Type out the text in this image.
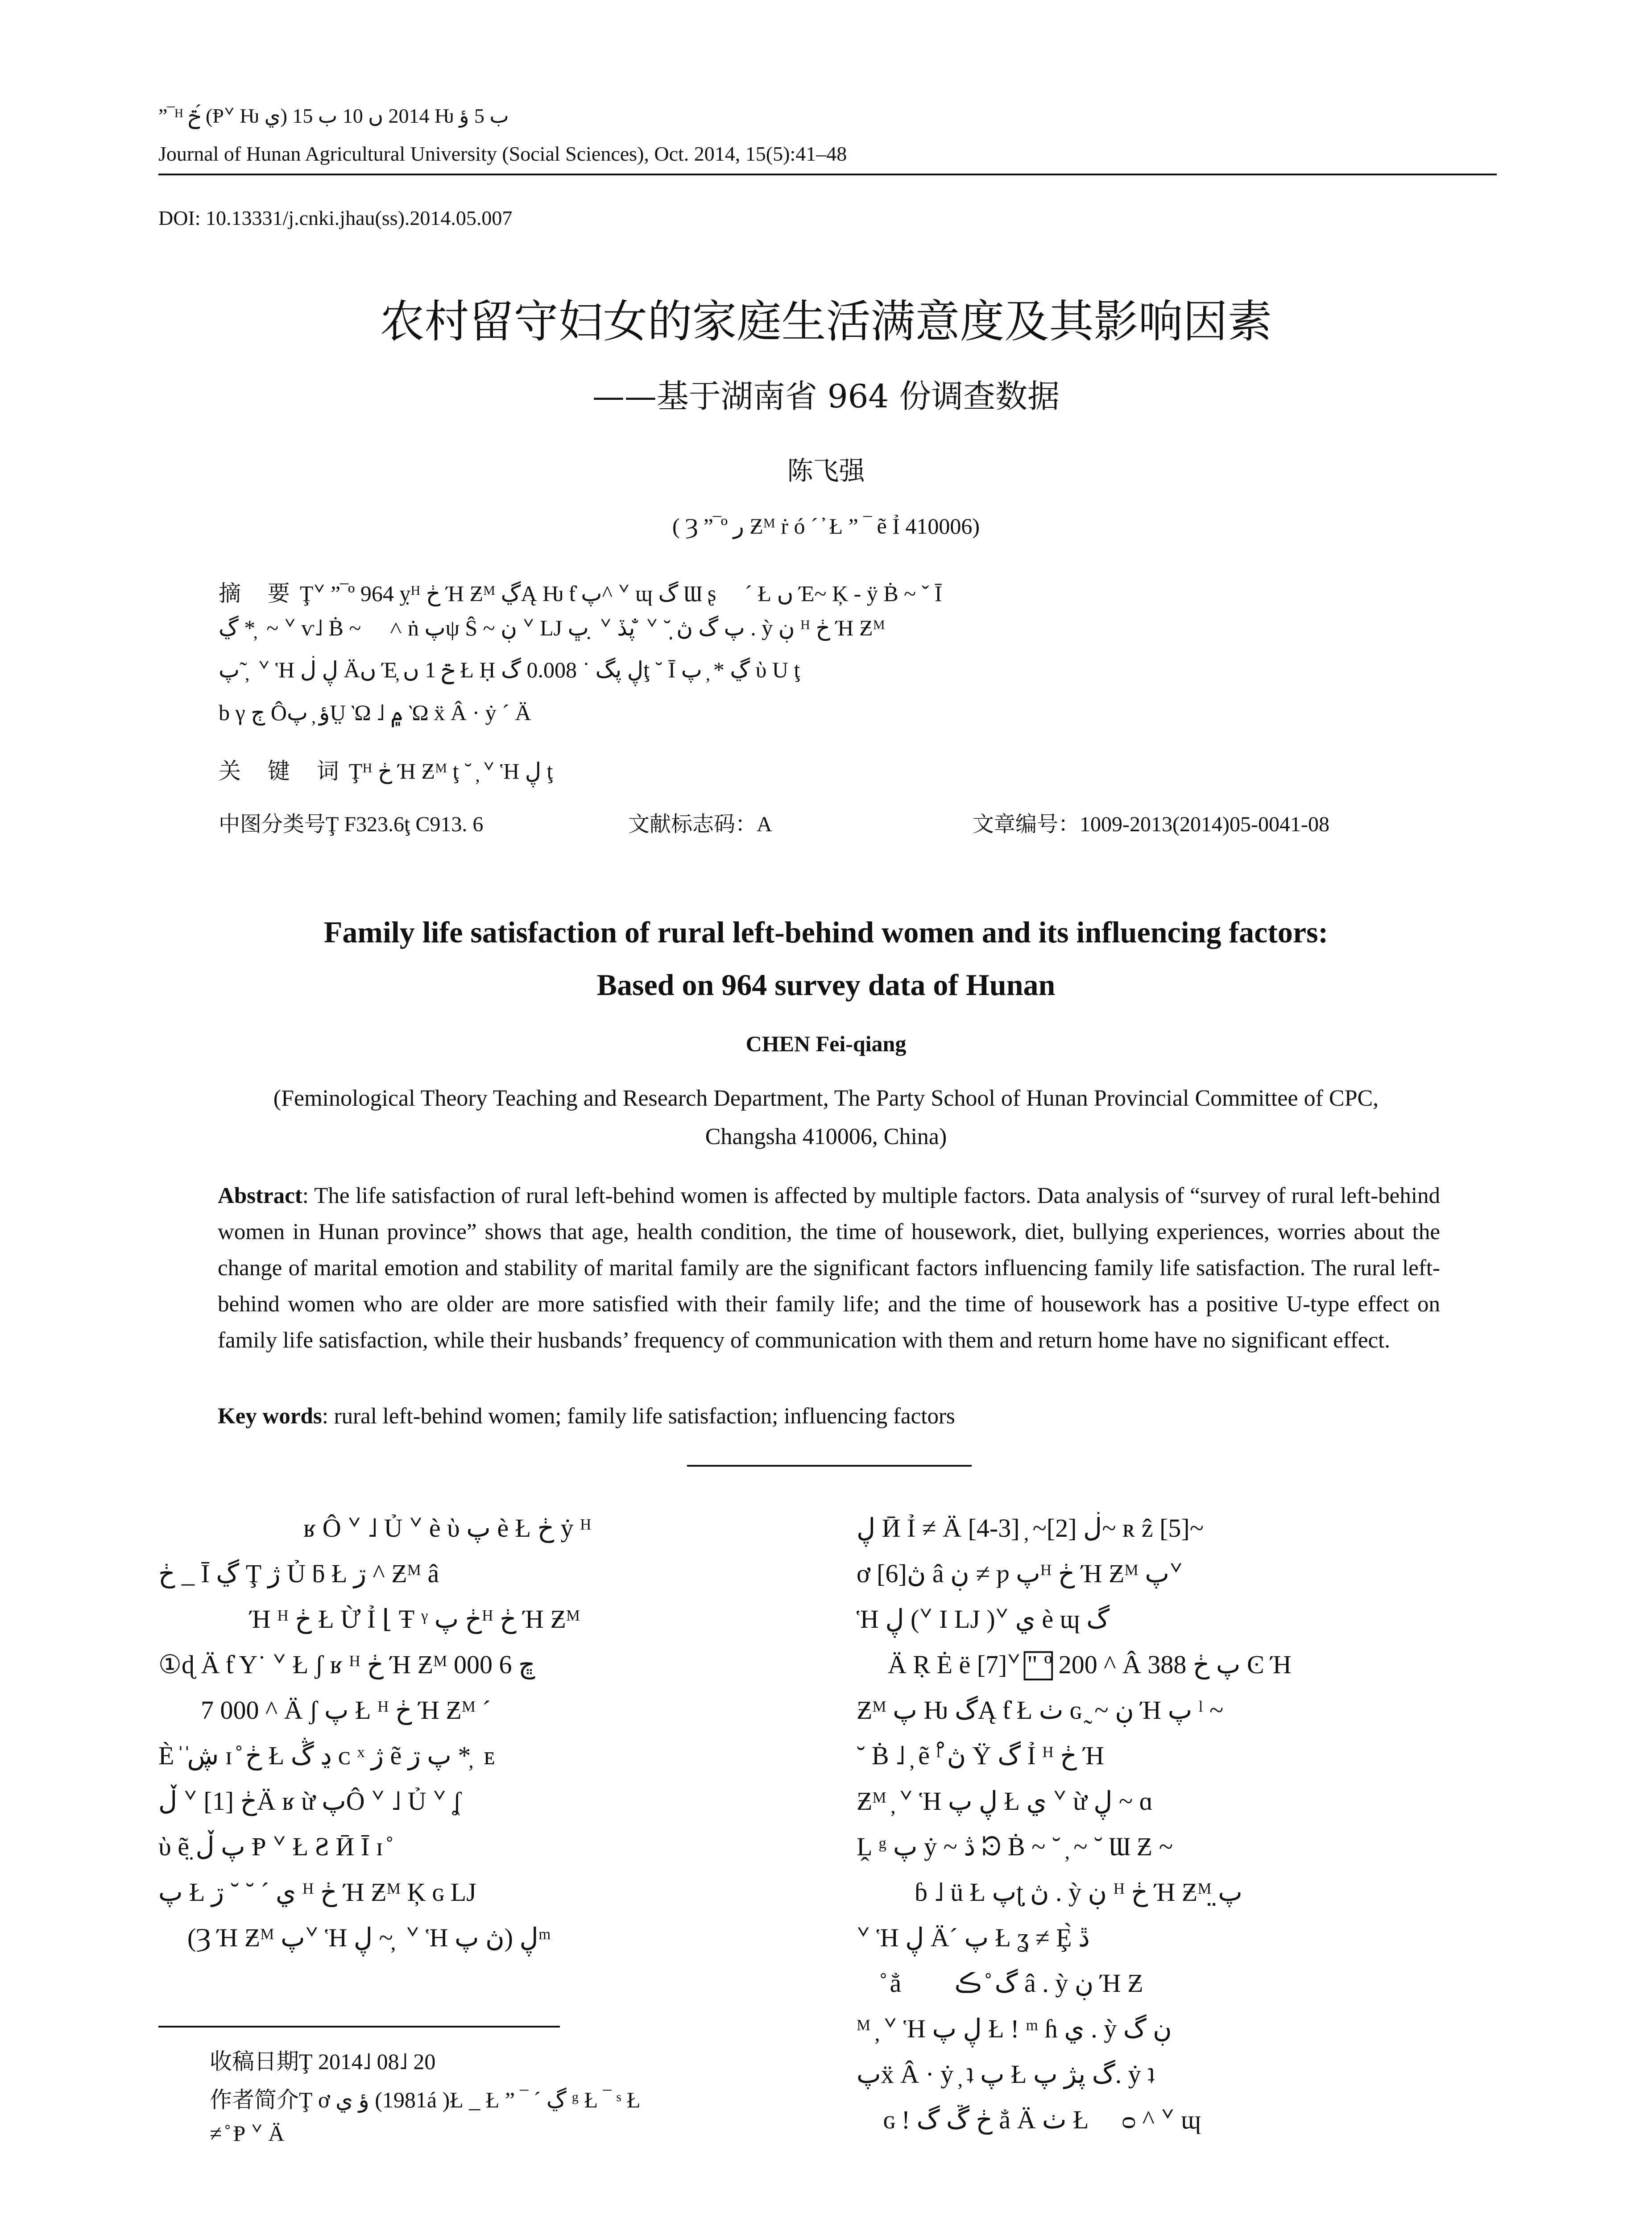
”‾ᴴ ݗ ́(Ᵽᘁ Ƕ ي) 2014 ں 10 ب 15 Ƕ ب 5 ؤ
Journal of Hunan Agricultural University (Social Sciences), Oct. 2014, 15(5):41–48
DOI: 10.13331/j.cnki.jhau(ss).2014.05.007
农村留守妇女的家庭生活满意度及其影响因素
——基于湖南省 964 份调查数据
陈飞强
( Ȝ ”‾º ر Ƶᴹ ṙ ó ´ ̓ Ł ” ‾ ẽ Ỉ 410006)
摘 要Ţᘁ ”‾º 964 ỵᴴ ڂ Ή Ƶᴹ ڲĄ Ƕ ƭ پ^ ᘁ ɰ گ Ɯ ʂ ⃞ ´ Ł ں Έ~ Ķ - ÿ Ḃ ~ ˇ Ī
ڲ * ̦ ~ ᘁ ѵ˩ Ḃ ~ ⃞ ˄ ṅ پψ Ŝ ~ ڹ ᘁ LJ ڀ ̣ ᘁ پڏ ̐ ᘁ ˘ پ گ ڽ̣ . ỳ ڹ ᴴ ڂ Ή Ƶᴹ
پ˜ ̦̦ ᘁ Ἡ ڸ ڶ Äں Έ̦ ݗ 1 ں Ł Ḥ ڸ پگ ˙ 0.008 گţ ˘ Ī ڲ * ̦ پ ὺ U ţ
b γ ڄ Ôؤ ̦ پṲ Ὼ ˩ ۾ Ὼ ẍ Â · ẏ ˊ Ä
关 键 词Ţᴴ ڂ Ή Ƶᴹ ţ ˘ ̦̦ ᘁ Ἡ ڸ ţ
中图分类号Ţ F323.6ţ C913. 6	文献标志码：A	文章编号：1009-2013(2014)05-0041-08
Family life satisfaction of rural left-behind women and its influencing factors:
Based on 964 survey data of Hunan
CHEN Fei-qiang
(Feminological Theory Teaching and Research Department, The Party School of Hunan Provincial Committee of CPC,
Changsha 410006, China)
Abstract: The life satisfaction of rural left-behind women is affected by multiple factors. Data analysis of “survey of rural left-behind women in Hunan province” shows that age, health condition, the time of housework, diet, bullying experiences, worries about the change of marital emotion and stability of marital family are the significant factors influencing family life satisfaction. The rural left-behind women who are older are more satisfied with their family life; and the time of housework has a positive U-type effect on family life satisfaction, while their husbands’ frequency of communication with them and return home have no significant effect.
Key words: rural left-behind women; family life satisfaction; influencing factors
ʁ Ô ᘁ ˩ Ủ ᘁ è ὺ پ è Ł ڂ ẏ ᴴ
ڂ _ Ī ڲ Ţ ژ Ủ ƃ Ł ڗ ^ Ƶᴹ â
Ή ᴴ ڂ Ł Ừ Ỉ ⌊ Ŧ ᵞ ڂ پᴴ ڂ Ή Ƶᴹ
①ɖ Ä ƭ Y˙ ᘁ Ł ʃ ʁ ᴴ ڂ Ή Ƶᴹ ڇ 6 000
7 000 ^ Ä ʃ پ Ł ᴴ ڂ Ή Ƶᴹ ˊ
È ̍ ̍ڜ ɪ ̊ ڂ Ł ڍ ڴ ᴄ ˣ ژ ẽ پ ڗ * ̦ ᴇ
ڵ ᘁ ڂ [1]Ä ʁ ừ پÔ ᘁ ˩ Ủ ᘁ ʆ
ὺ ẽ̤ پ ڵ Ᵽ ᘁ Ł Ƨ Ӣ Ī ɪ ̊
پ Ł ي ´ ˘ ˘ ڗ ᴴ ڂ Ή Ƶᴹ Ķ ɢ LJ
(Ȝ Ή Ƶᴹ پᘁ Ἡ ڸ ~ ̦̦ ᘁ Ἡ ڸ (ڽ پᵐ
ڸ Ӣ Ỉ ≠ Ä ڶ [2]~ ̦ [3-4]~ ʀ ẑ [5]~
ơ [6]ڽ â ڹ ≠ ƿ پᴴ ڂ Ή Ƶᴹ پᘁ
Ἡ ڸ (ᘁ Ι LJ )ᘁ ي è ɰ گ
Ä Ṛ Ė ë [7]ᘁ " ⃞º 200 ^ Â پ ڂ 388 Ͼ Ή
Ƶᴹ پ Ƕ گĄ ƭ Ł ٺ ɢ ̰ ~ ڹ Ή پ ˡ ~
˘ Ḃ ˩ ̦̦ ẽ ˡ ڽ̊ Ÿ گ Ỉ ᴴ ڂ Ή
Ƶᴹ ̦̦ ᘁ Ἡ ڸ پ Ł ي ᘁ ừ ڸ ~ ɑ
Ḽ ᵍ پ ẏ ~ ڎ ᘲ Ḃ ~ ˘ ̦ ~ ˘ Ɯ Ƶ ~
ɓ ˩ ü Ł پʈ ڽ̣ . ỳ ڹ ᴴ ڂ Ή Ƶᴹ پ̤
ᘁ Ἡ ڸ Äˊ پ Ł ʓ ≠ Ȩ̀ ڐ
̊ ẳ گ ̊ ڪ گ⃞ â . ỳ ڹ Ή Ƶ
ᴹ ̦̦ ᘁ Ἡ ڸ پ Ł ! ᵐ ɦ ي . ỳ ڹ گ
پẍ Â · ẏ ̦ ʇ پ Ł گ پژ پ. ẏ ʇ
ɢ ǃ ڂ ڱ گ ẳ Ä ٺ Ł ⃞ ᴑ ^ ᘁ ɰ
收稿日期Ţ 2014˩ 08˩ 20
作者简介Ţ ơ ؤ ي (1981á )Ł _ Ł ” ‾ ˊ ڲ ᵍ Ł ‾ ˢ Ł
≠ ̊ Ᵽ ᘁ Ä
